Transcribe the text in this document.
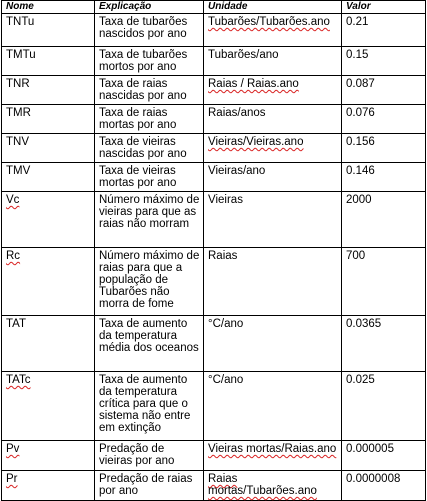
Nome	Explicação	Unidade	Valor
TNTu	Taxa de tubarões nascidos por ano	Tubarões/Tubarões.ano	0.21
TMTu	Taxa de tubarões mortos por ano	Tubarões/ano	0.15
TNR	Taxa de raias nascidas por ano	Raias / Raias.ano	0.087
TMR	Taxa de raias mortas por ano	Raias/anos	0.076
TNV	Taxa de vieiras nascidas por ano	Vieiras/Vieiras.ano	0.156
TMV	Taxa de vieiras mortas por ano	Vieiras/ano	0.146
Vc	Número máximo de vieiras para que as raias não morram	Vieiras	2000
Rc	Número máximo de raias para que a população de Tubarões não morra de fome	Raias	700
TAT	Taxa de aumento da temperatura média dos oceanos	°C/ano	0.0365
TATc	Taxa de aumento da temperatura crítica para que o sistema não entre em extinção	°C/ano	0.025
Pv	Predação de vieiras por ano	Vieiras mortas/Raias.ano	0.000005
Pr	Predação de raias por ano	Raias mortas/Tubarões.ano	0.0000008
